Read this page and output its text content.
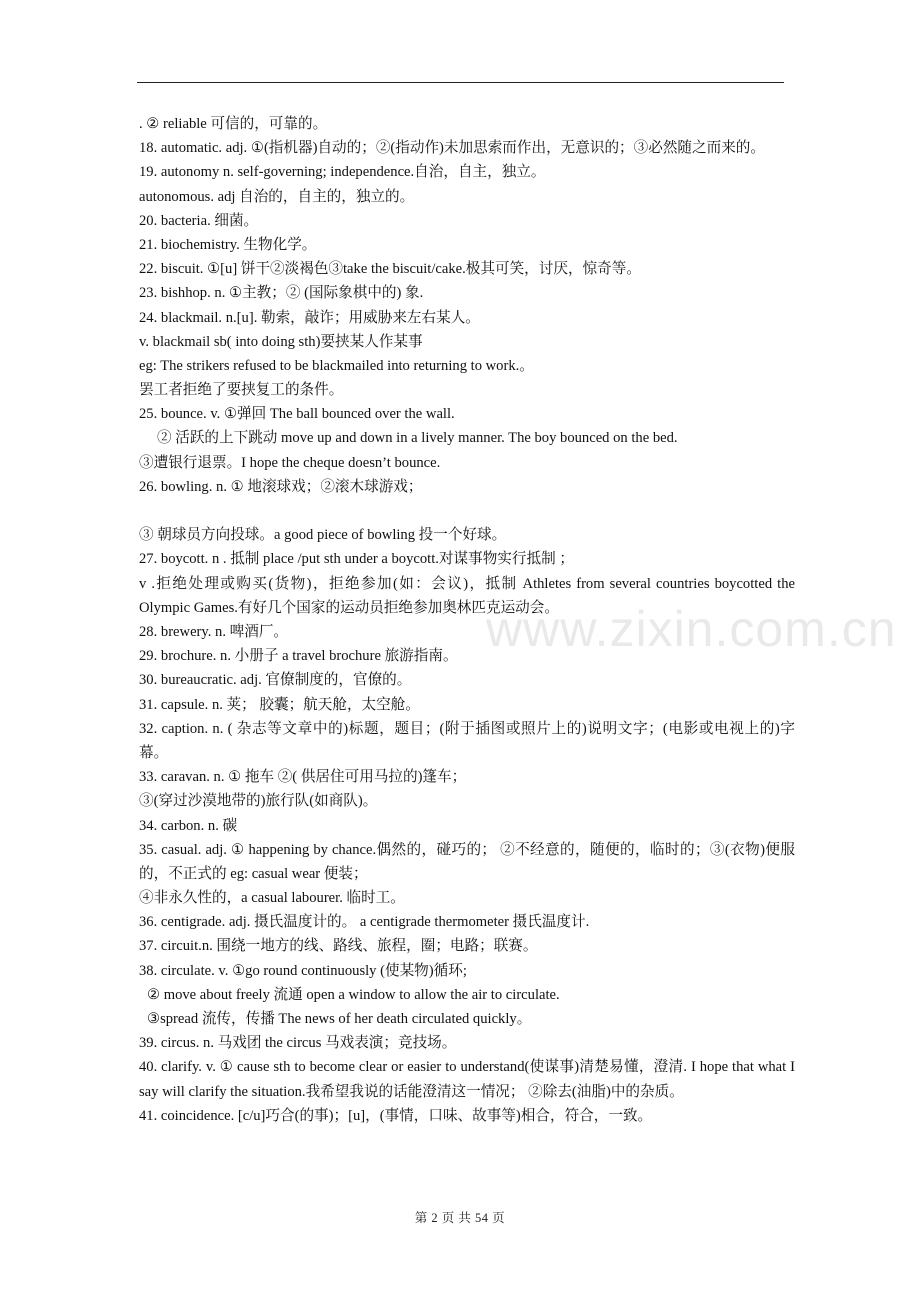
www.zixin.com.cn
. ② reliable 可信的，可靠的。
18. automatic. adj. ①(指机器)自动的；②(指动作)未加思索而作出，无意识的；③必然随之而来的。
19. autonomy n. self-governing; independence.自治，自主，独立。
autonomous. adj 自治的，自主的，独立的。
20. bacteria. 细菌。
21. biochemistry. 生物化学。
22. biscuit. ①[u] 饼干②淡褐色③take the biscuit/cake.极其可笑，讨厌，惊奇等。
23. bishhop. n. ①主教；② (国际象棋中的) 象.
24. blackmail. n.[u]. 勒索，敲诈；用威胁来左右某人。
v. blackmail sb( into doing sth)要挟某人作某事
eg: The strikers refused to be blackmailed into returning to work.。
罢工者拒绝了要挟复工的条件。
25. bounce. v. ①弹回 The ball bounced over the wall.
② 活跃的上下跳动 move up and down in a lively manner. The boy bounced on the bed.
③遭银行退票。I hope the cheque doesn’t bounce.
26. bowling. n. ① 地滚球戏；②滚木球游戏；
③ 朝球员方向投球。a good piece of bowling 投一个好球。
27. boycott. n . 抵制 place /put sth under a boycott.对谋事物实行抵制 ；
v .拒绝处理或购买(货物)，拒绝参加(如：会议)，抵制 Athletes from several countries boycotted the Olympic Games.有好几个国家的运动员拒绝参加奥林匹克运动会。
28. brewery. n. 啤酒厂。
29. brochure. n. 小册子 a travel brochure 旅游指南。
30. bureaucratic. adj. 官僚制度的，官僚的。
31. capsule. n. 荚； 胶囊；航天舱，太空舱。
32. caption. n. ( 杂志等文章中的)标题，题目；(附于插图或照片上的)说明文字；(电影或电视上的)字幕。
33. caravan. n. ① 拖车 ②( 供居住可用马拉的)篷车；
③(穿过沙漠地带的)旅行队(如商队)。
34. carbon. n. 碳
35. casual. adj. ① happening by chance.偶然的，碰巧的； ②不经意的，随便的，临时的；③(衣物)便服的，不正式的 eg: casual wear 便装；
④非永久性的，a casual labourer. 临时工。
36. centigrade. adj. 摄氏温度计的。 a centigrade thermometer 摄氏温度计.
37. circuit.n. 围绕一地方的线、路线、旅程，圈；电路；联赛。
38. circulate. v. ①go round continuously (使某物)循环;
② move about freely 流通 open a window to allow the air to circulate.
③spread 流传，传播 The news of her death circulated quickly。
39. circus. n. 马戏团 the circus 马戏表演；竞技场。
40. clarify. v. ① cause sth to become clear or easier to understand(使谋事)清楚易懂，澄清. I hope that what I say will clarify the situation.我希望我说的话能澄清这一情况； ②除去(油脂)中的杂质。
41. coincidence. [c/u]巧合(的事)；[u]，(事情，口味、故事等)相合，符合，一致。
第 2 页 共 54 页
